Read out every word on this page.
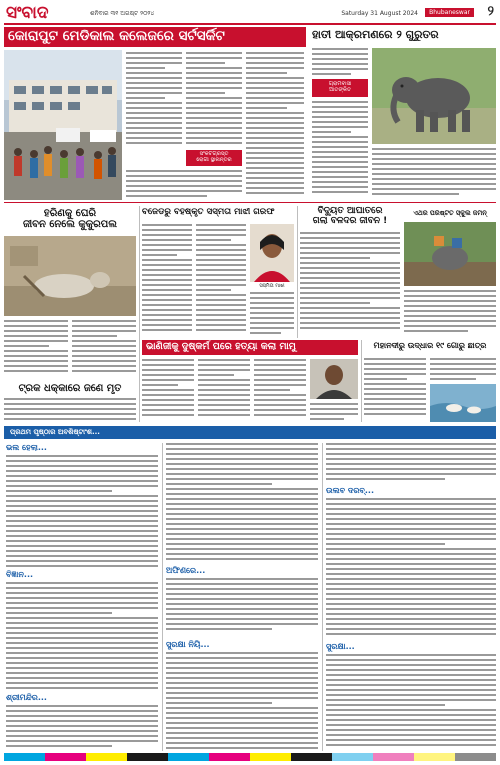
ସଂବାଦ	ଶନିବାର ୩୧ ଅଗଷ୍ଟ ୨୦୨୪	Saturday 31 August 2024	Bhubaneswar	୨
କୋରାପୁଟ ମେଡିକାଲ କଲେଜରେ ସର୍ଟସର୍କିଟ
ସଂକଟଗ୍ରସ୍ତ
ରୋଗୀ ସ୍ଥାନାନ୍ତର
ହାତୀ ଆକ୍ରମଣରେ ୨ ଗୁରୁତର
ଗ୍ରାମବାସୀ
ଆତଙ୍କିତ
ହରିଣକୁ ଘେରି
ଜୀବନ ନେଲେ କୁକୁରପଲ
ଟ୍ରକ ଧକ୍କାରେ ଜଣେ ମୃତ
ବିଜେଡିରୁ ବହିଷ୍କୃତ ସସ୍ମିତା ମାଝୀ ଗିରଫ
ସସ୍ମିତା ମାଝୀ
ବିଦ୍ୟୁତ ଆଘାତରେ
ଗଲା ବଳଦର ଜୀବନ !
ଏଥର ପରିଷ୍ଟିତ ସ୍କୁଲ ଜମିନ୍
ଭାଣିଜୀକୁ ଦୁଷ୍କର୍ମ ପରେ ହତ୍ୟା କଲା ମାମୁ	ମହାନଦୀରୁ ଉଦ୍ଧାର ୧୯ ଗୋରୁ ଛାତ୍ର
ପ୍ରଥମ ପୃଷ୍ଠାର ଅବଶିଷ୍ଟାଂଶ...
ଭଲ ହେଲା...
ବିଜ୍ଞାନ...
ଶ୍ରୀମନ୍ଦିର...
ଅଫିଣରେ...
ସୁରକ୍ଷା ନିୟି...
ଉଲବ ଦରବ୍...
ସୁରକ୍ଷା...
